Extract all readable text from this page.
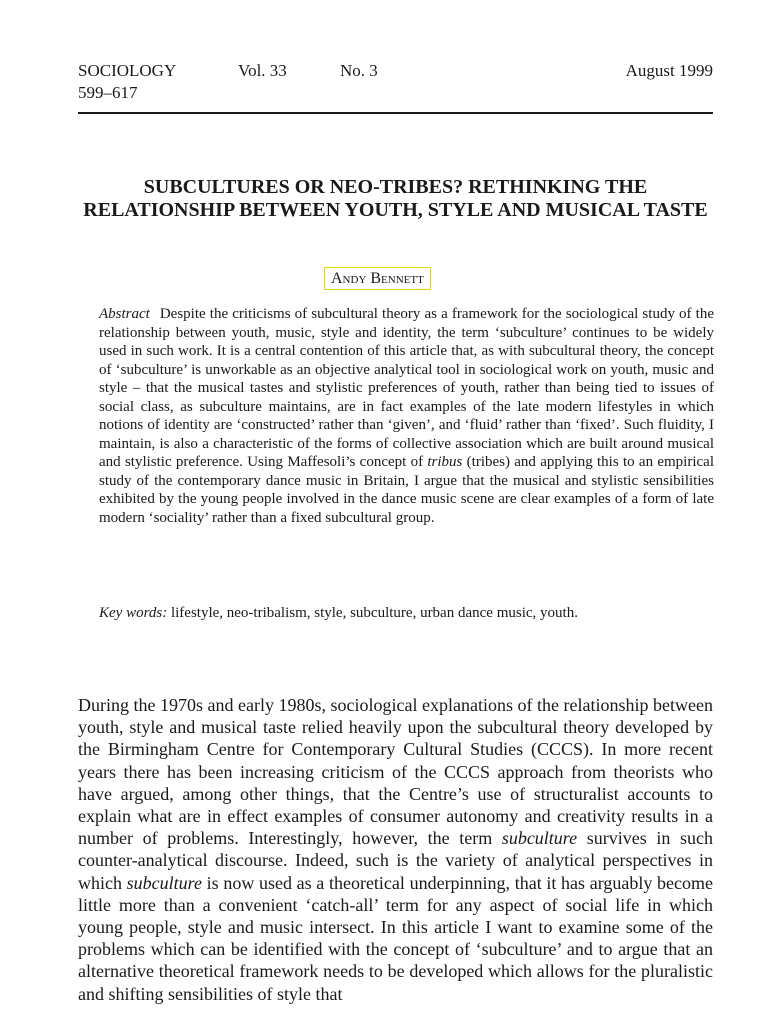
SOCIOLOGY	Vol. 33	No. 3	August 1999
599–617
SUBCULTURES OR NEO-TRIBES? RETHINKING THE RELATIONSHIP BETWEEN YOUTH, STYLE AND MUSICAL TASTE
Andy Bennett

Abstract Despite the criticisms of subcultural theory as a framework for the sociological study of the relationship between youth, music, style and identity, the term ‘subculture’ continues to be widely used in such work. It is a central contention of this article that, as with subcultural theory, the concept of ‘subculture’ is unworkable as an objective analytical tool in sociological work on youth, music and style – that the musical tastes and stylistic preferences of youth, rather than being tied to issues of social class, as subculture maintains, are in fact examples of the late modern lifestyles in which notions of identity are ‘constructed’ rather than ‘given’, and ‘fluid’ rather than ‘fixed’. Such fluidity, I maintain, is also a characteristic of the forms of collective association which are built around musical and stylistic preference. Using Maffesoli’s concept of tribus (tribes) and applying this to an empirical study of the contemporary dance music in Britain, I argue that the musical and stylistic sensibilities exhibited by the young people involved in the dance music scene are clear examples of a form of late modern ‘sociality’ rather than a fixed subcultural group.

Key words: lifestyle, neo-tribalism, style, subculture, urban dance music, youth.

During the 1970s and early 1980s, sociological explanations of the relationship between youth, style and musical taste relied heavily upon the subcultural theory developed by the Birmingham Centre for Contemporary Cultural Studies (CCCS). In more recent years there has been increasing criticism of the CCCS approach from theorists who have argued, among other things, that the Centre’s use of structuralist accounts to explain what are in effect examples of consumer autonomy and creativity results in a number of problems. Interestingly, however, the term subculture survives in such counter-analytical discourse. Indeed, such is the variety of analytical perspectives in which subculture is now used as a theoretical underpinning, that it has arguably become little more than a convenient ‘catch-all’ term for any aspect of social life in which young people, style and music intersect. In this article I want to examine some of the problems which can be identified with the concept of ‘subculture’ and to argue that an alternative theoretical framework needs to be developed which allows for the pluralistic and shifting sensibilities of style that
